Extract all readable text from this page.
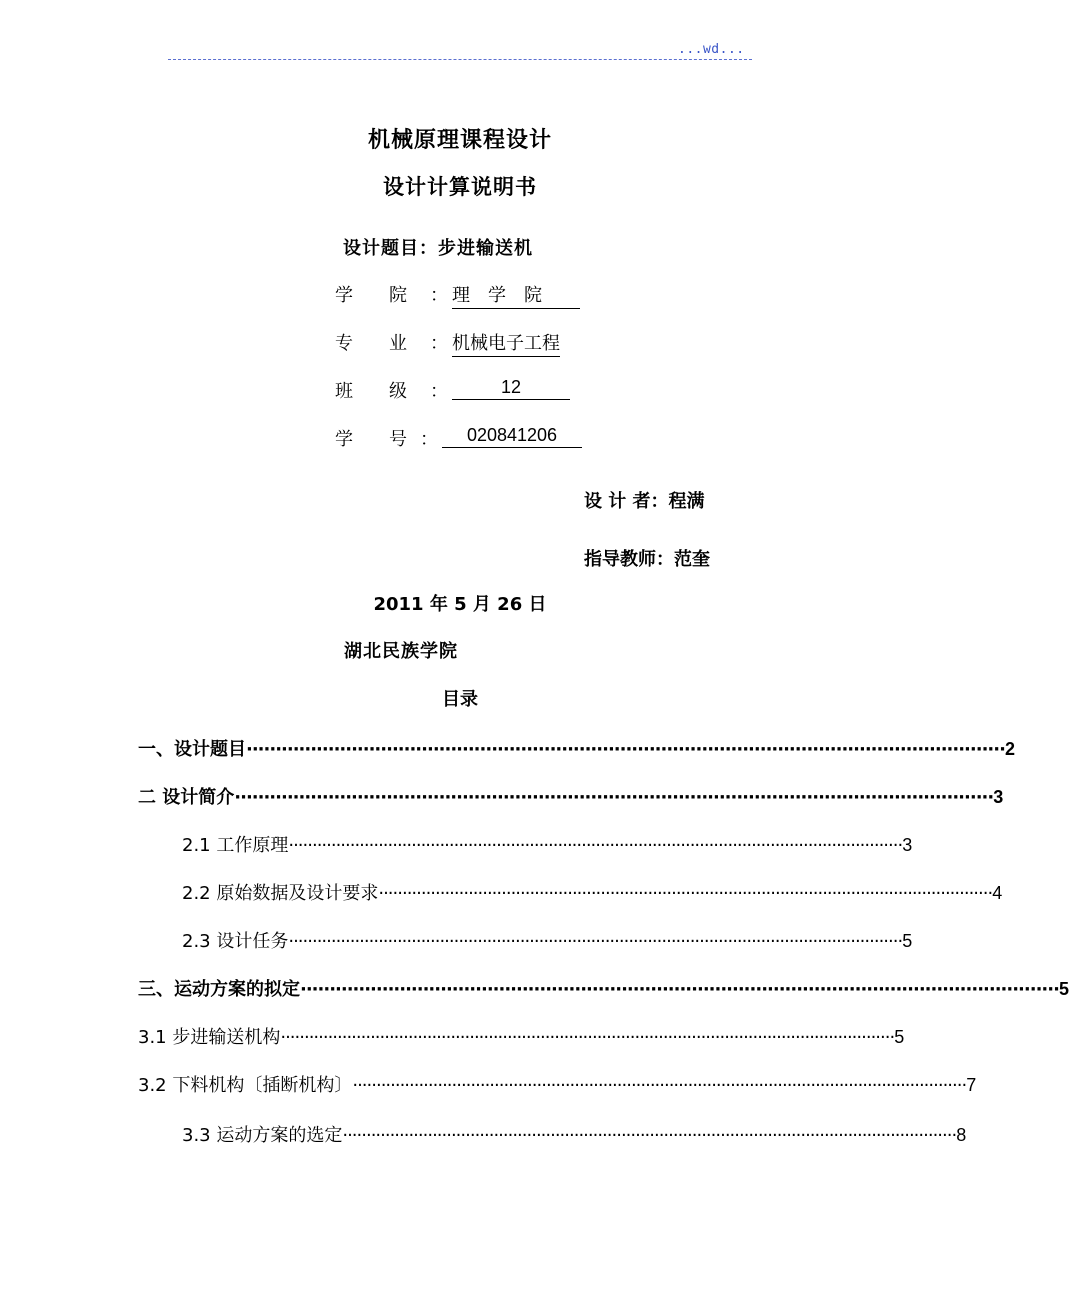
...wd...
机械原理课程设计
设计计算说明书
设计题目：步进输送机
学　　院 ： 理　学　院
专　　业 ： 机械电子工程
班　　级 ：	12
学　　号 ：	020841206
设 计 者：程满
指导教师：范奎
2011 年 5 月 26 日
湖北民族学院
目录
一、设计题目 ·································································································································· 2
二 设计简介 ·································································································································· 3
2.1 工作原理 ·································································································································· 3
2.2 原始数据及设计要求 ·································································································································· 4
2.3 设计任务 ·································································································································· 5
三、运动方案的拟定 ·································································································································· 5
3.1 步进输送机构 ·································································································································· 5
3.2 下料机构〔插断机构〕 ·································································································································· 7
3.3 运动方案的选定 ·································································································································· 8
